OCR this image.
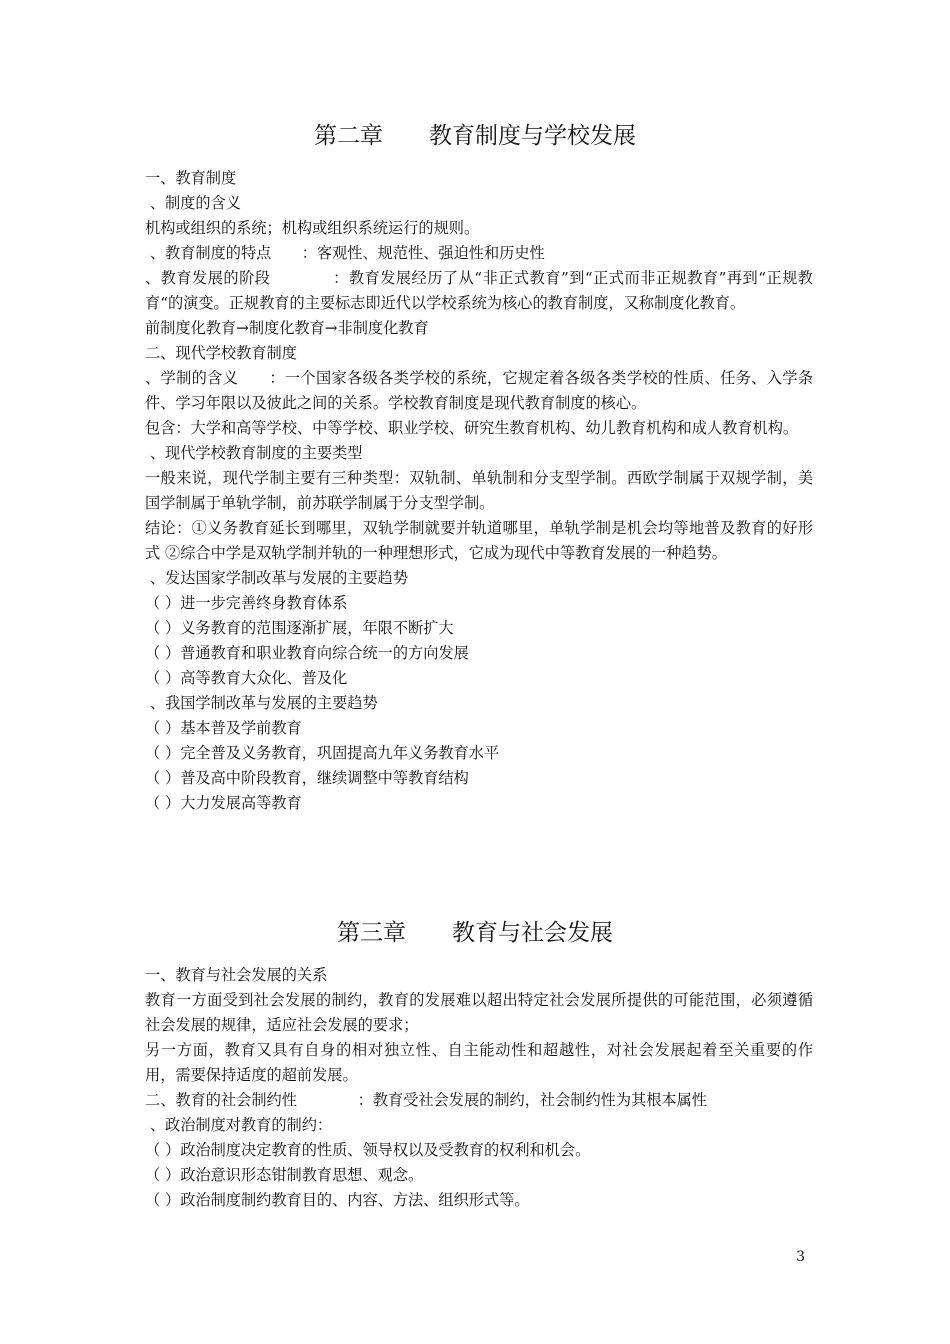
第二章　　教育制度与学校发展
一、教育制度
、制度的含义
机构或组织的系统；机构或组织系统运行的规则。
、教育制度的特点　　：客观性、规范性、强迫性和历史性
、教育发展的阶段　　　　：教育发展经历了从“非正式教育”到“正式而非正规教育”再到“正规教育“的演变。正规教育的主要标志即近代以学校系统为核心的教育制度，又称制度化教育。
前制度化教育→制度化教育→非制度化教育
二、现代学校教育制度
、学制的含义　　：一个国家各级各类学校的系统，它规定着各级各类学校的性质、任务、入学条件、学习年限以及彼此之间的关系。学校教育制度是现代教育制度的核心。
包含：大学和高等学校、中等学校、职业学校、研究生教育机构、幼儿教育机构和成人教育机构。
、现代学校教育制度的主要类型
一般来说，现代学制主要有三种类型：双轨制、单轨制和分支型学制。西欧学制属于双规学制，美国学制属于单轨学制，前苏联学制属于分支型学制。
结论：①义务教育延长到哪里，双轨学制就要并轨道哪里，单轨学制是机会均等地普及教育的好形式 ②综合中学是双轨学制并轨的一种理想形式，它成为现代中等教育发展的一种趋势。
、发达国家学制改革与发展的主要趋势
（ ）进一步完善终身教育体系
（ ）义务教育的范围逐渐扩展，年限不断扩大
（ ）普通教育和职业教育向综合统一的方向发展
（ ）高等教育大众化、普及化
、我国学制改革与发展的主要趋势
（ ）基本普及学前教育
（ ）完全普及义务教育，巩固提高九年义务教育水平
（ ）普及高中阶段教育，继续调整中等教育结构
（ ）大力发展高等教育
第三章　　教育与社会发展
一、教育与社会发展的关系
教育一方面受到社会发展的制约，教育的发展难以超出特定社会发展所提供的可能范围，必须遵循社会发展的规律，适应社会发展的要求；
另一方面，教育又具有自身的相对独立性、自主能动性和超越性，对社会发展起着至关重要的作用，需要保持适度的超前发展。
二、教育的社会制约性　　　　：教育受社会发展的制约，社会制约性为其根本属性
、政治制度对教育的制约：
（ ）政治制度决定教育的性质、领导权以及受教育的权利和机会。
（ ）政治意识形态钳制教育思想、观念。
（ ）政治制度制约教育目的、内容、方法、组织形式等。
3
